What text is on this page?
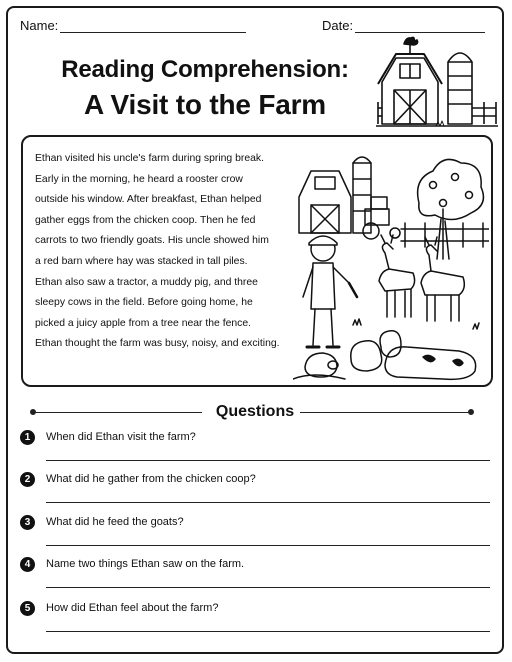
Name:	Date:
Reading Comprehension:
A Visit to the Farm
Ethan visited his uncle's farm during spring break.
Early in the morning, he heard a rooster crow
outside his window. After breakfast, Ethan helped
gather eggs from the chicken coop. Then he fed
carrots to two friendly goats. His uncle showed him
a red barn where hay was stacked in tall piles.
Ethan also saw a tractor, a muddy pig, and three
sleepy cows in the field. Before going home, he
picked a juicy apple from a tree near the fence.
Ethan thought the farm was busy, noisy, and exciting.
Questions
1	When did Ethan visit the farm?
2	What did he gather from the chicken coop?
3	What did he feed the goats?
4	Name two things Ethan saw on the farm.
5	How did Ethan feel about the farm?
